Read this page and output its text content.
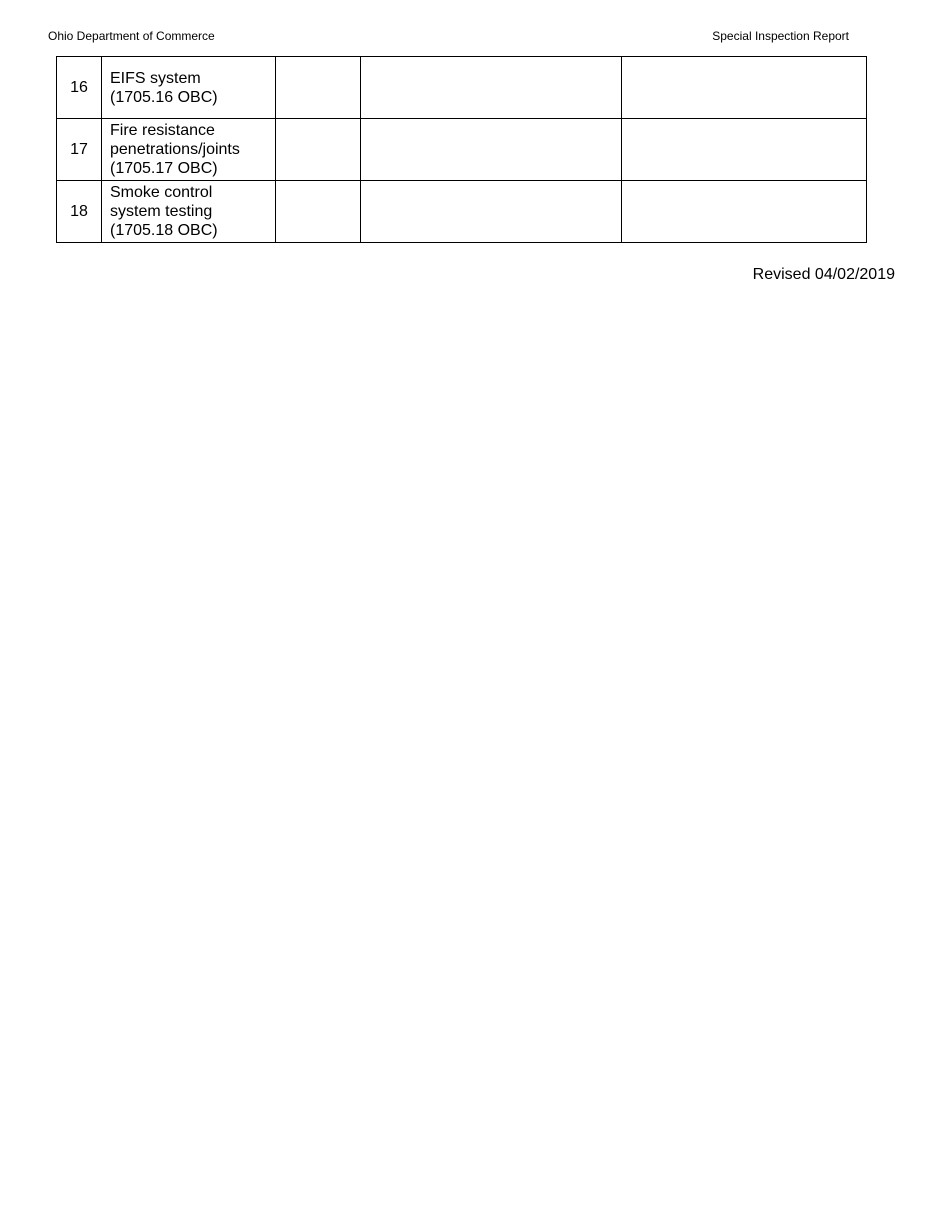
Ohio Department of Commerce	Special Inspection Report
16	EIFS system
(1705.16 OBC)			

17	Fire resistance
penetrations/joints
(1705.17 OBC)			

18	Smoke control
system testing
(1705.18 OBC)			

Revised 04/02/2019
